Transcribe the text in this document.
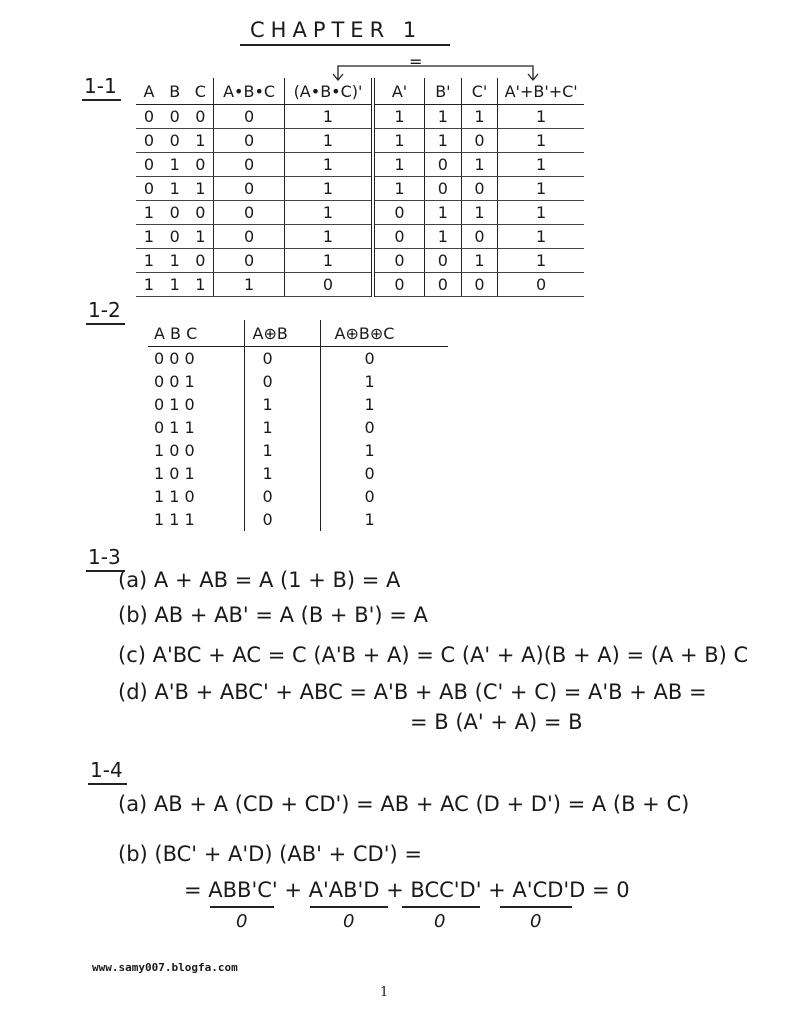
CHAPTER 1
1-1
=
A	B	C	A•B•C	(A•B•C)'	A'	B'	C'	A'+B'+C'
0	0	0	0	1	1	1	1	1
0	0	1	0	1	1	1	0	1
0	1	0	0	1	1	0	1	1
0	1	1	0	1	1	0	0	1
1	0	0	0	1	0	1	1	1
1	0	1	0	1	0	1	0	1
1	1	0	0	1	0	0	1	1
1	1	1	1	0	0	0	0	0
1-2
A B C	A⊕B	A⊕B⊕C
0 0 0	0	0
0 0 1	0	1
0 1 0	1	1
0 1 1	1	0
1 0 0	1	1
1 0 1	1	0
1 1 0	0	0
1 1 1	0	1
1-3
(a) A + AB = A (1 + B) = A
(b) AB + AB' = A (B + B') = A
(c) A'BC + AC = C (A'B + A) = C (A' + A)(B + A) = (A + B) C
(d) A'B + ABC' + ABC = A'B + AB (C' + C) = A'B + AB =
= B (A' + A) = B
1-4
(a) AB + A (CD + CD') = AB + AC (D + D') = A (B + C)
(b) (BC' + A'D) (AB' + CD') =
= ABB'C' + A'AB'D + BCC'D' + A'CD'D = 0
0	0	0	0
www.samy007.blogfa.com
1
